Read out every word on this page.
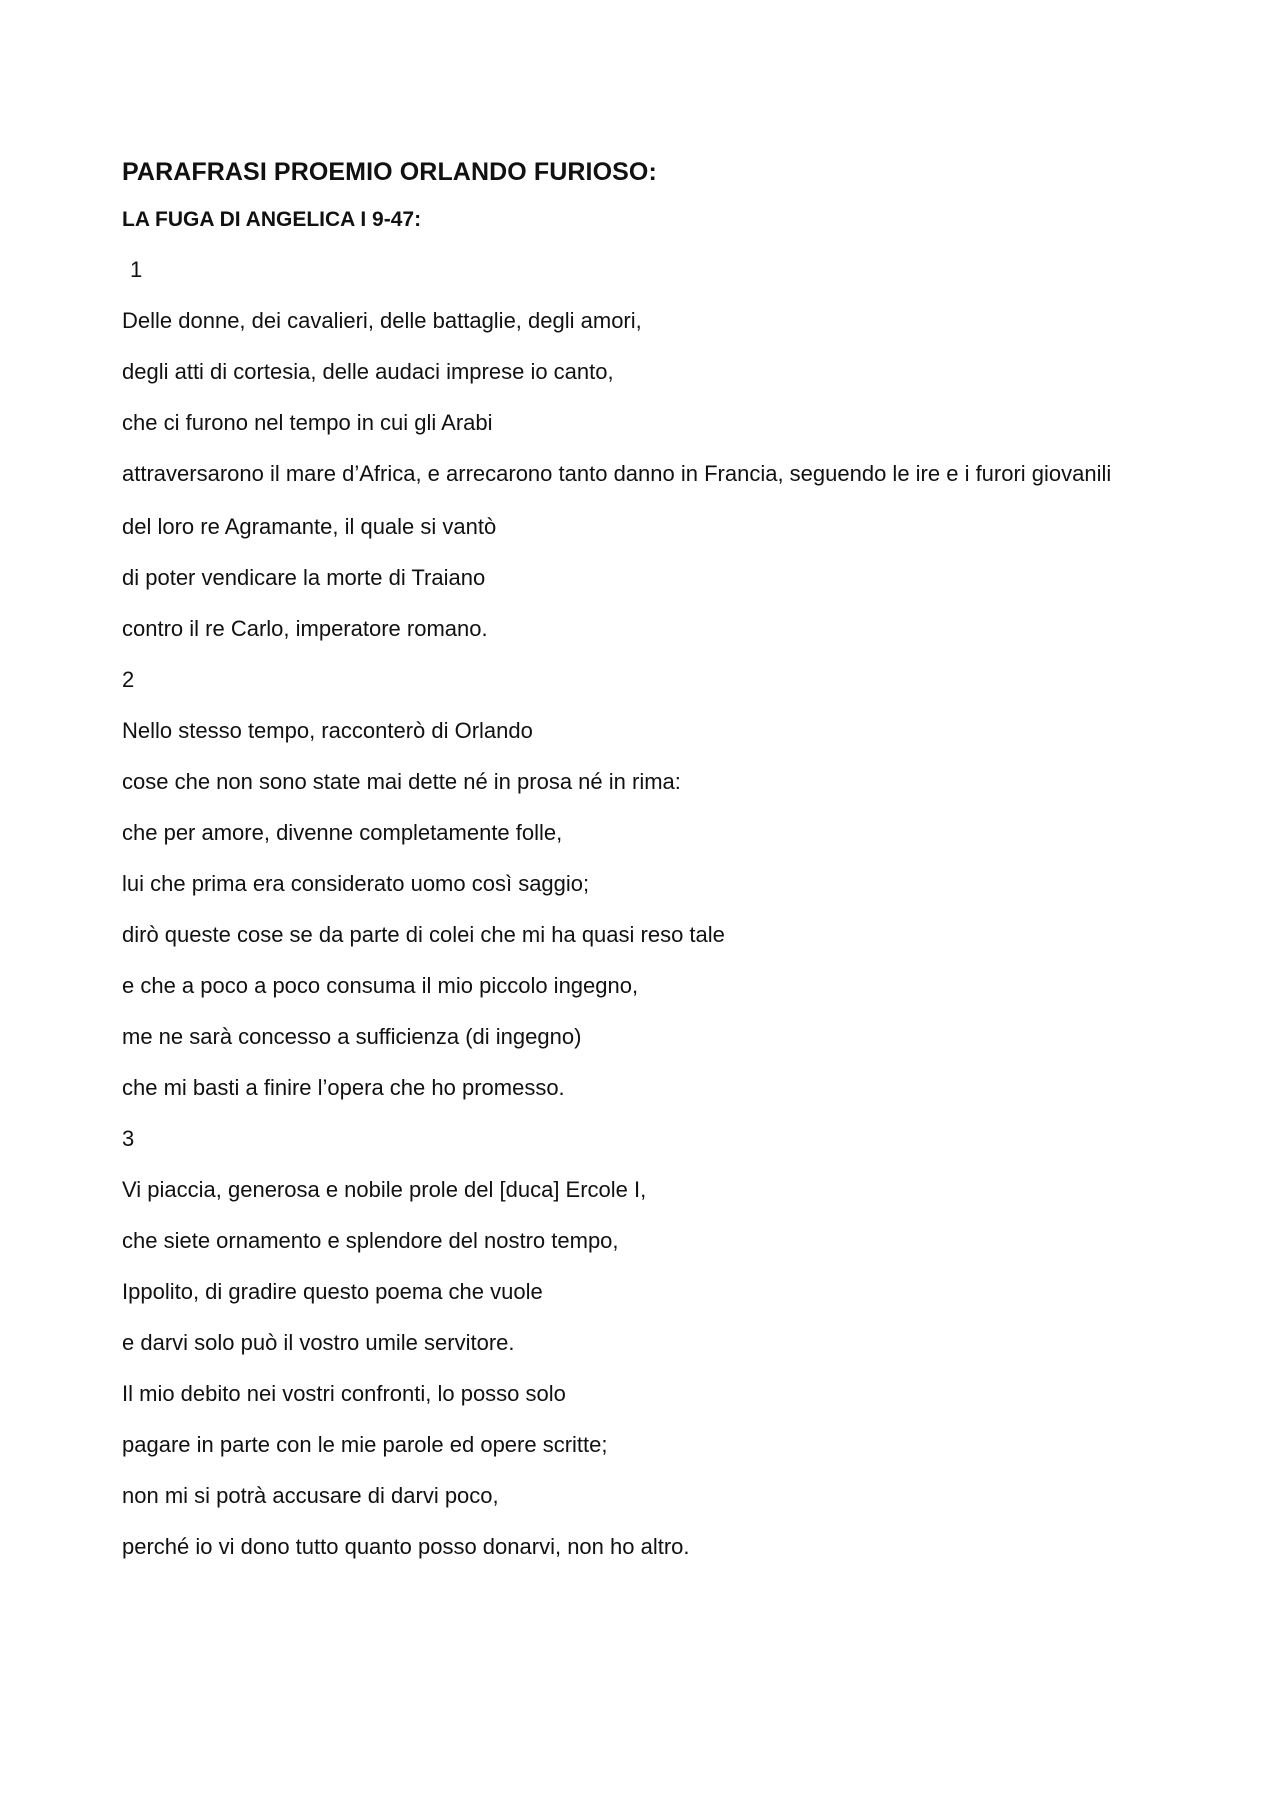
PARAFRASI PROEMIO ORLANDO FURIOSO:
LA FUGA DI ANGELICA I 9-47:
1
Delle donne, dei cavalieri, delle battaglie, degli amori,
degli atti di cortesia, delle audaci imprese io canto,
che ci furono nel tempo in cui gli Arabi
attraversarono il mare d’Africa, e arrecarono tanto danno in Francia, seguendo le ire e i furori giovanili
del loro re Agramante, il quale si vantò
di poter vendicare la morte di Traiano
contro il re Carlo, imperatore romano.
2
Nello stesso tempo, racconterò di Orlando
cose che non sono state mai dette né in prosa né in rima:
che per amore, divenne completamente folle,
lui che prima era considerato uomo così saggio;
dirò queste cose se da parte di colei che mi ha quasi reso tale
e che a poco a poco consuma il mio piccolo ingegno,
me ne sarà concesso a sufficienza (di ingegno)
che mi basti a finire l’opera che ho promesso.
3
Vi piaccia, generosa e nobile prole del [duca] Ercole I,
che siete ornamento e splendore del nostro tempo,
Ippolito, di gradire questo poema che vuole
e darvi solo può il vostro umile servitore.
Il mio debito nei vostri confronti, lo posso solo
pagare in parte con le mie parole ed opere scritte;
non mi si potrà accusare di darvi poco,
perché io vi dono tutto quanto posso donarvi, non ho altro.
